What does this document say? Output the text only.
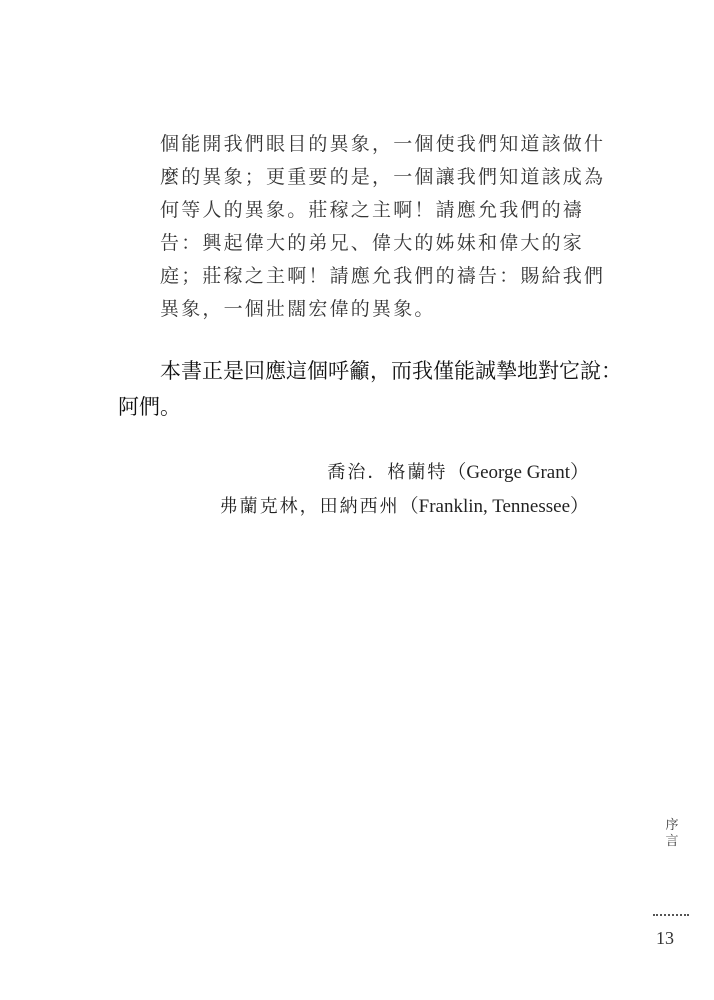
個能開我們眼目的異象，一個使我們知道該做什
麼的異象；更重要的是，一個讓我們知道該成為
何等人的異象。莊稼之主啊！請應允我們的禱
告：興起偉大的弟兄、偉大的姊妹和偉大的家
庭；莊稼之主啊！請應允我們的禱告：賜給我們
異象，一個壯闊宏偉的異象。
本書正是回應這個呼籲，而我僅能誠摯地對它說：
阿們。
喬治．格蘭特（George Grant）
弗蘭克林，田納西州（Franklin, Tennessee）
序
言
13
